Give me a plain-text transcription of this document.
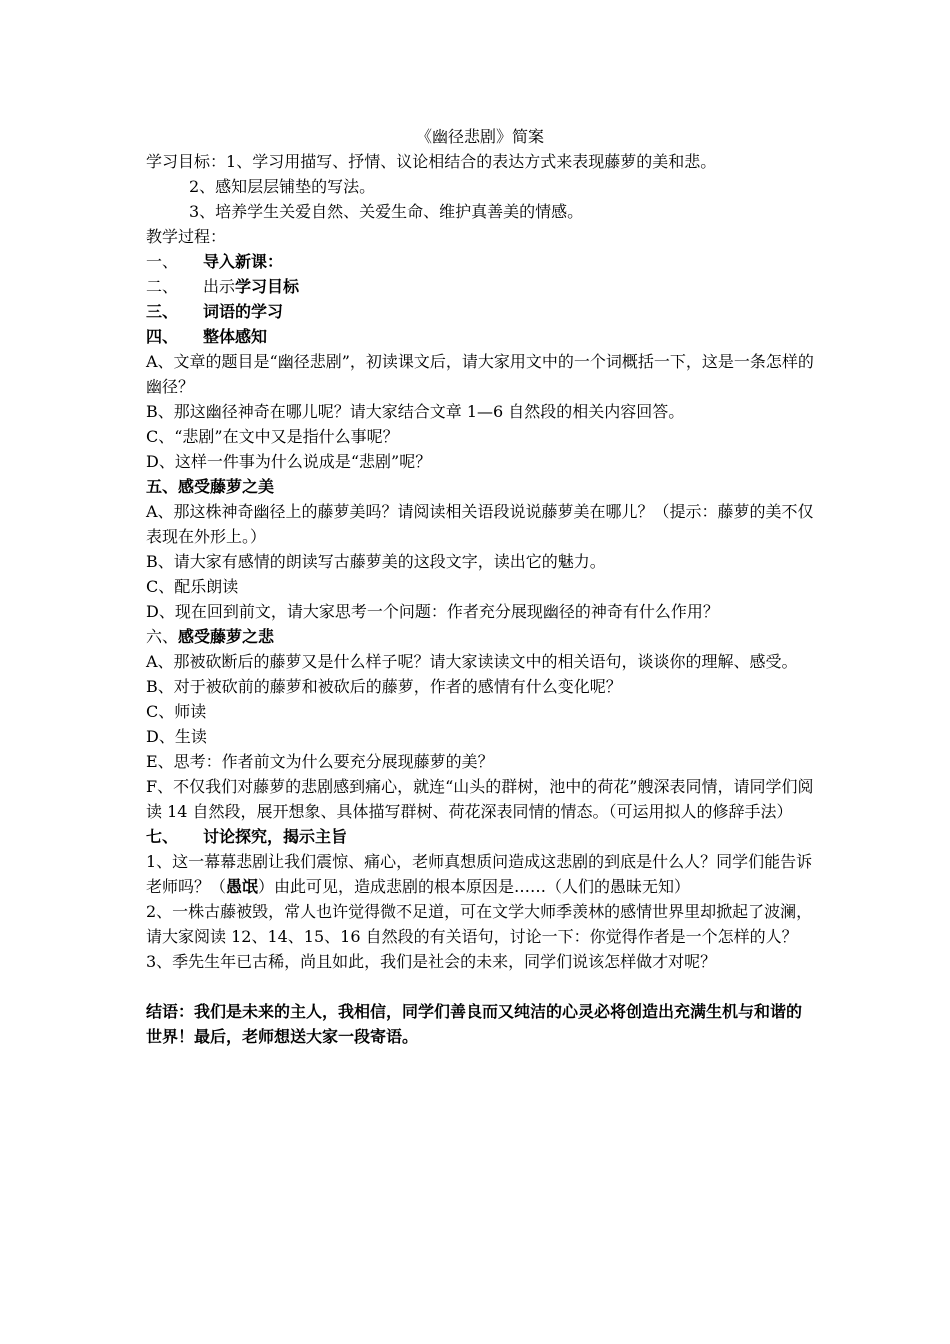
《幽径悲剧》简案

学习目标：1、学习用描写、抒情、议论相结合的表达方式来表现藤萝的美和悲。

2、感知层层铺垫的写法。

3、培养学生关爱自然、关爱生命、维护真善美的情感。

教学过程：

一、 导入新课：

二、 出示学习目标

三、 词语的学习

四、 整体感知

A、文章的题目是“幽径悲剧”，初读课文后，请大家用文中的一个词概括一下，这是一条怎样的幽径？

B、那这幽径神奇在哪儿呢？请大家结合文章 1—6 自然段的相关内容回答。

C、“悲剧”在文中又是指什么事呢？

D、这样一件事为什么说成是“悲剧”呢？

五、感受藤萝之美

A、那这株神奇幽径上的藤萝美吗？请阅读相关语段说说藤萝美在哪儿？（提示：藤萝的美不仅表现在外形上。）

B、请大家有感情的朗读写古藤萝美的这段文字，读出它的魅力。

C、配乐朗读

D、现在回到前文，请大家思考一个问题：作者充分展现幽径的神奇有什么作用？

六、感受藤萝之悲

A、那被砍断后的藤萝又是什么样子呢？请大家读读文中的相关语句，谈谈你的理解、感受。

B、对于被砍前的藤萝和被砍后的藤萝，作者的感情有什么变化呢？

C、师读

D、生读

E、思考：作者前文为什么要充分展现藤萝的美？

F、不仅我们对藤萝的悲剧感到痛心，就连“山头的群树，池中的荷花”艘深表同情，请同学们阅读 14 自然段，展开想象、具体描写群树、荷花深表同情的情态。（可运用拟人的修辞手法）

七、 讨论探究，揭示主旨

1、这一幕幕悲剧让我们震惊、痛心，老师真想质问造成这悲剧的到底是什么人？同学们能告诉老师吗？（愚氓）由此可见，造成悲剧的根本原因是……（人们的愚昧无知）

2、一株古藤被毁，常人也许觉得微不足道，可在文学大师季羡林的感情世界里却掀起了波澜，请大家阅读 12、14、15、16 自然段的有关语句，讨论一下：你觉得作者是一个怎样的人？

3、季先生年已古稀，尚且如此，我们是社会的未来，同学们说该怎样做才对呢？

结语：我们是未来的主人，我相信，同学们善良而又纯洁的心灵必将创造出充满生机与和谐的世界！最后，老师想送大家一段寄语。
